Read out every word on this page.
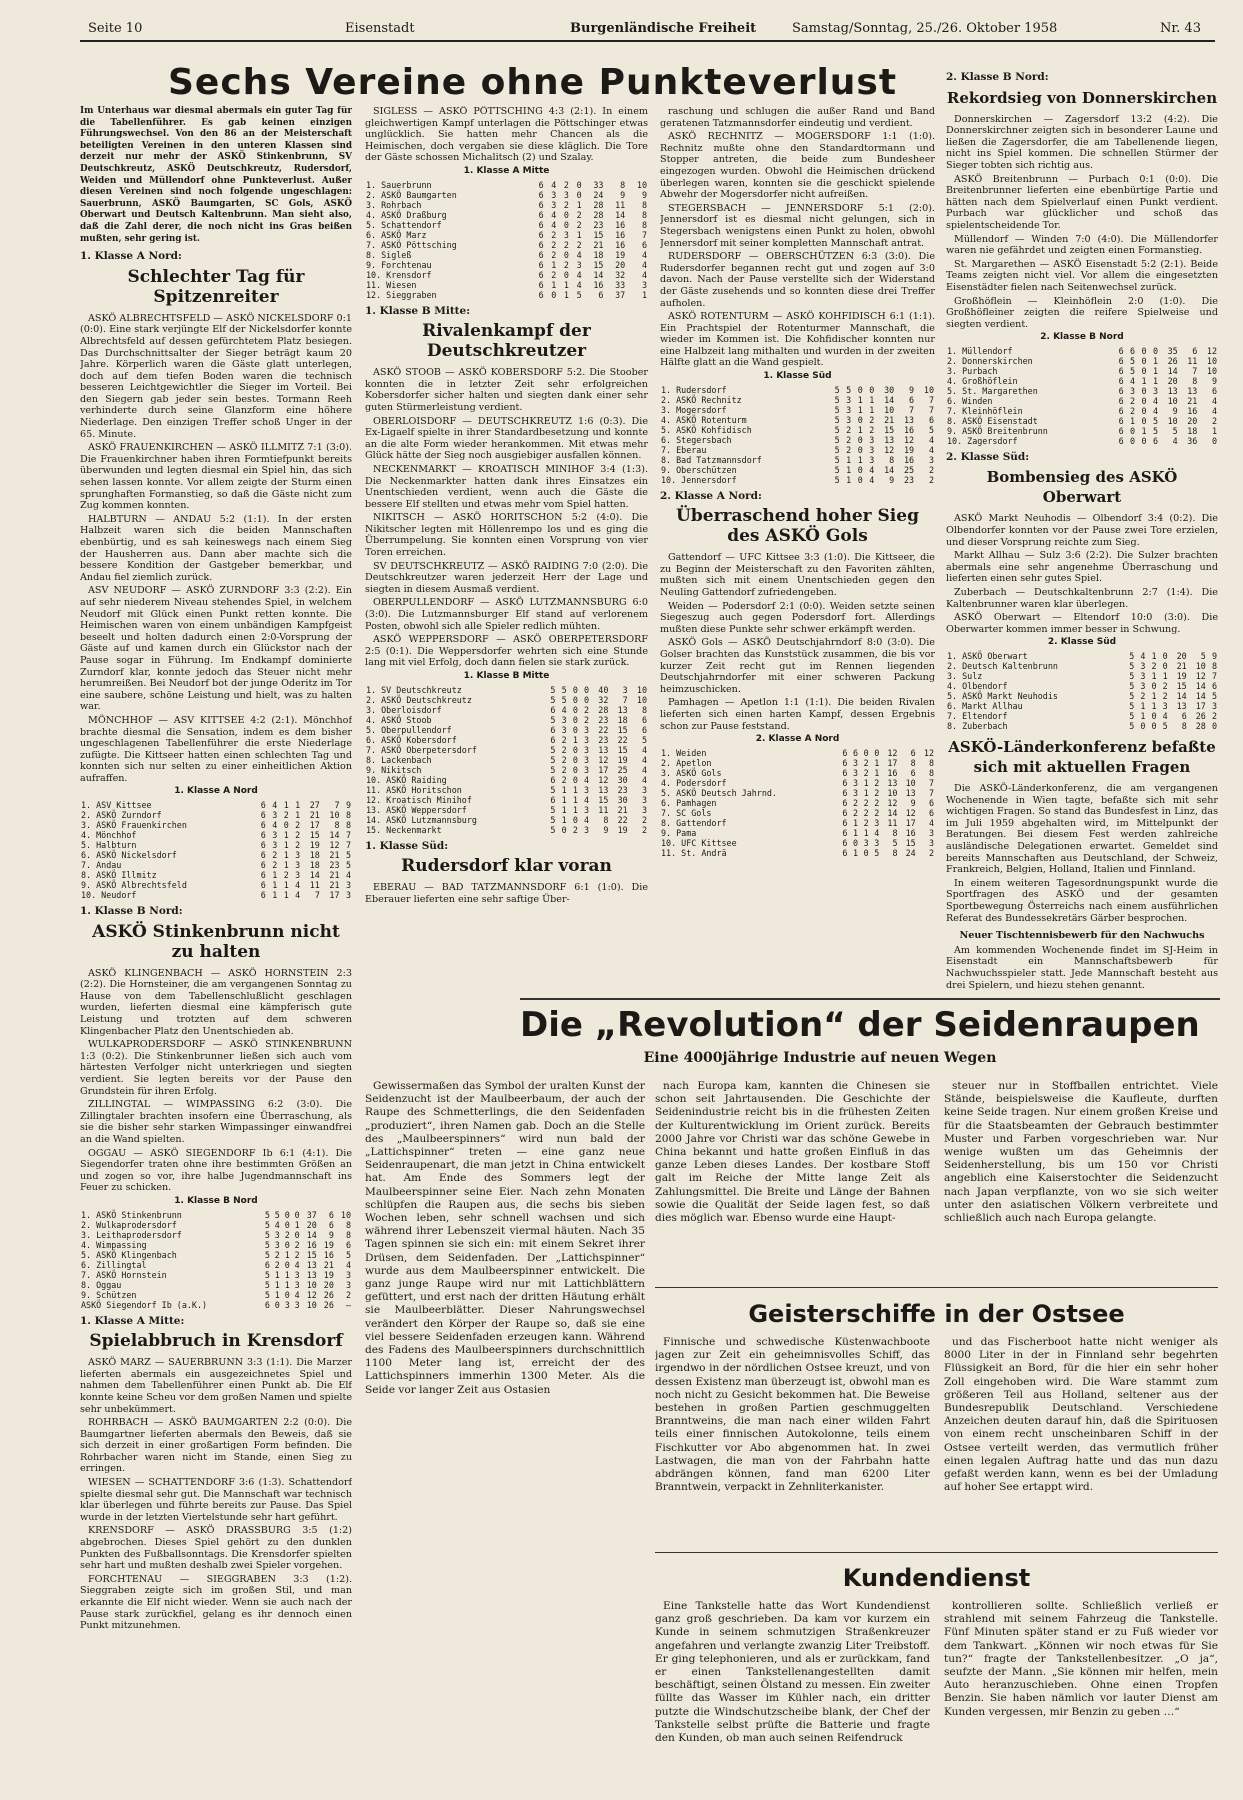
Seite 10	Eisenstadt	Burgenländische Freiheit	Samstag/Sonntag, 25./26. Oktober 1958	Nr. 43
Sechs Vereine ohne Punkteverlust

Im Unterhaus war diesmal abermals ein guter Tag für die Tabellenführer. Es gab keinen einzigen Führungswechsel. Von den 86 an der Meisterschaft beteiligten Vereinen in den unteren Klassen sind derzeit nur mehr der ASKÖ Stinkenbrunn, SV Deutschkreutz, ASKÖ Deutschkreutz, Rudersdorf, Weiden und Müllendorf ohne Punkteverlust. Außer diesen Vereinen sind noch folgende ungeschlagen: Sauerbrunn, ASKÖ Baumgarten, SC Gols, ASKÖ Oberwart und Deutsch Kaltenbrunn. Man sieht also, daß die Zahl derer, die noch nicht ins Gras beißen mußten, sehr gering ist.

1. Klasse A Nord:
Schlechter Tag für Spitzenreiter

ASKÖ ALBRECHTSFELD — ASKÖ NICKELSDORF 0:1 (0:0). Eine stark verjüngte Elf der Nickelsdorfer konnte Albrechtsfeld auf dessen gefürchtetem Platz besiegen. Das Durchschnittsalter der Sieger beträgt kaum 20 Jahre. Körperlich waren die Gäste glatt unterlegen, doch auf dem tiefen Boden waren die technisch besseren Leichtgewichtler die Sieger im Vorteil. Bei den Siegern gab jeder sein bestes. Tormann Reeh verhinderte durch seine Glanzform eine höhere Niederlage. Den einzigen Treffer schoß Unger in der 65. Minute.

ASKÖ FRAUENKIRCHEN — ASKÖ ILLMITZ 7:1 (3:0). Die Frauenkirchner haben ihren Formtiefpunkt bereits überwunden und legten diesmal ein Spiel hin, das sich sehen lassen konnte. Vor allem zeigte der Sturm einen sprunghaften Formanstieg, so daß die Gäste nicht zum Zug kommen konnten.

HALBTURN — ANDAU 5:2 (1:1). In der ersten Halbzeit waren sich die beiden Mannschaften ebenbürtig, und es sah keineswegs nach einem Sieg der Hausherren aus. Dann aber machte sich die bessere Kondition der Gastgeber bemerkbar, und Andau fiel ziemlich zurück.

ASV NEUDORF — ASKÖ ZURNDORF 3:3 (2:2). Ein auf sehr niederem Niveau stehendes Spiel, in welchem Neudorf mit Glück einen Punkt retten konnte. Die Heimischen waren von einem unbändigen Kampfgeist beseelt und holten dadurch einen 2:0-Vorsprung der Gäste auf und kamen durch ein Glückstor nach der Pause sogar in Führung. Im Endkampf dominierte Zurndorf klar, konnte jedoch das Steuer nicht mehr herumreißen. Bei Neudorf bot der junge Oderitz im Tor eine saubere, schöne Leistung und hielt, was zu halten war.

MÖNCHHOF — ASV KITTSEE 4:2 (2:1). Mönchhof brachte diesmal die Sensation, indem es dem bisher ungeschlagenen Tabellenführer die erste Niederlage zufügte. Die Kittseer hatten einen schlechten Tag und konnten sich nur selten zu einer einheitlichen Aktion aufraffen.

1. Klasse A Nord
1. ASV Kittsee	6	4	1	1	27	7	9
2. ASKÖ Zurndorf	6	3	2	1	21	10	8
3. ASKÖ Frauenkirchen	6	4	0	2	17	8	8
4. Mönchhof	6	3	1	2	15	14	7
5. Halbturn	6	3	1	2	19	12	7
6. ASKÖ Nickelsdorf	6	2	1	3	18	21	5
7. Andau	6	2	1	3	18	23	5
8. ASKÖ Illmitz	6	1	2	3	14	21	4
9. ASKÖ Albrechtsfeld	6	1	1	4	11	21	3
10. Neudorf	6	1	1	4	7	17	3
1. Klasse B Nord:
ASKÖ Stinkenbrunn nicht zu halten

ASKÖ KLINGENBACH — ASKÖ HORNSTEIN 2:3 (2:2). Die Hornsteiner, die am vergangenen Sonntag zu Hause von dem Tabellenschlußlicht geschlagen wurden, lieferten diesmal eine kämpferisch gute Leistung und trotzten auf dem schweren Klingenbacher Platz den Unentschieden ab.

WULKAPRODERSDORF — ASKÖ STINKENBRUNN 1:3 (0:2). Die Stinkenbrunner ließen sich auch vom härtesten Verfolger nicht unterkriegen und siegten verdient. Sie legten bereits vor der Pause den Grundstein für ihren Erfolg.

ZILLINGTAL — WIMPASSING 6:2 (3:0). Die Zillingtaler brachten insofern eine Überraschung, als sie die bisher sehr starken Wimpassinger einwandfrei an die Wand spielten.

OGGAU — ASKÖ SIEGENDORF Ib 6:1 (4:1). Die Siegendorfer traten ohne ihre bestimmten Größen an und zogen so vor, ihre halbe Jugendmannschaft ins Feuer zu schicken.

1. Klasse B Nord
1. ASKÖ Stinkenbrunn	5	5	0	0	37	6	10
2. Wulkaprodersdorf	5	4	0	1	20	6	8
3. Leithaprodersdorf	5	3	2	0	14	9	8
4. Wimpassing	5	3	0	2	16	19	6
5. ASKÖ Klingenbach	5	2	1	2	15	16	5
6. Zillingtal	6	2	0	4	13	21	4
7. ASKÖ Hornstein	5	1	1	3	13	19	3
8. Oggau	5	1	1	3	10	20	3
9. Schützen	5	1	0	4	12	26	2
ASKÖ Siegendorf Ib (a.K.)	6	0	3	3	10	26	—
1. Klasse A Mitte:
Spielabbruch in Krensdorf

ASKÖ MARZ — SAUERBRUNN 3:3 (1:1). Die Marzer lieferten abermals ein ausgezeichnetes Spiel und nahmen dem Tabellenführer einen Punkt ab. Die Elf konnte keine Scheu vor dem großen Namen und spielte sehr unbekümmert.

ROHRBACH — ASKÖ BAUMGARTEN 2:2 (0:0). Die Baumgartner lieferten abermals den Beweis, daß sie sich derzeit in einer großartigen Form befinden. Die Rohrbacher waren nicht im Stande, einen Sieg zu erringen.

WIESEN — SCHATTENDORF 3:6 (1:3). Schattendorf spielte diesmal sehr gut. Die Mannschaft war technisch klar überlegen und führte bereits zur Pause. Das Spiel wurde in der letzten Viertelstunde sehr hart geführt.

KRENSDORF — ASKÖ DRASSBURG 3:5 (1:2) abgebrochen. Dieses Spiel gehört zu den dunklen Punkten des Fußballsonntags. Die Krensdorfer spielten sehr hart und mußten deshalb zwei Spieler vorgehen.

FORCHTENAU — SIEGGRABEN 3:3 (1:2). Sieggraben zeigte sich im großen Stil, und man erkannte die Elf nicht wieder. Wenn sie auch nach der Pause stark zurückfiel, gelang es ihr dennoch einen Punkt mitzunehmen.

SIGLESS — ASKÖ PÖTTSCHING 4:3 (2:1). In einem gleichwertigen Kampf unterlagen die Pöttschinger etwas unglücklich. Sie hatten mehr Chancen als die Heimischen, doch vergaben sie diese kläglich. Die Tore der Gäste schossen Michalitsch (2) und Szalay.

1. Klasse A Mitte
1. Sauerbrunn	6	4	2	0	33	8	10
2. ASKÖ Baumgarten	6	3	3	0	24	9	9
3. Rohrbach	6	3	2	1	28	11	8
4. ASKÖ Draßburg	6	4	0	2	28	14	8
5. Schattendorf	6	4	0	2	23	16	8
6. ASKÖ Marz	6	2	3	1	15	16	7
7. ASKÖ Pöttsching	6	2	2	2	21	16	6
8. Sigleß	6	2	0	4	18	19	4
9. Forchtenau	6	1	2	3	15	20	4
10. Krensdorf	6	2	0	4	14	32	4
11. Wiesen	6	1	1	4	16	33	3
12. Sieggraben	6	0	1	5	6	37	1
1. Klasse B Mitte:
Rivalenkampf der Deutschkreutzer

ASKÖ STOOB — ASKÖ KOBERSDORF 5:2. Die Stoober konnten die in letzter Zeit sehr erfolgreichen Kobersdorfer sicher halten und siegten dank einer sehr guten Stürmerleistung verdient.

OBERLOISDORF — DEUTSCHKREUTZ 1:6 (0:3). Die Ex-Ligaelf spielte in ihrer Standardbesetzung und konnte an die alte Form wieder herankommen. Mit etwas mehr Glück hätte der Sieg noch ausgiebiger ausfallen können.

NECKENMARKT — KROATISCH MINIHOF 3:4 (1:3). Die Neckenmarkter hatten dank ihres Einsatzes ein Unentschieden verdient, wenn auch die Gäste die bessere Elf stellten und etwas mehr vom Spiel hatten.

NIKITSCH — ASKÖ HORITSCHON 5:2 (4:0). Die Nikitscher legten mit Höllenrempo los und es ging die Überrumpelung. Sie konnten einen Vorsprung von vier Toren erreichen.

SV DEUTSCHKREUTZ — ASKÖ RAIDING 7:0 (2:0). Die Deutschkreutzer waren jederzeit Herr der Lage und siegten in diesem Ausmaß verdient.

OBERPULLENDORF — ASKÖ LUTZMANNSBURG 6:0 (3:0). Die Lutzmannsburger Elf stand auf verlorenem Posten, obwohl sich alle Spieler redlich mühten.

ASKÖ WEPPERSDORF — ASKÖ OBERPETERSDORF 2:5 (0:1). Die Weppersdorfer wehrten sich eine Stunde lang mit viel Erfolg, doch dann fielen sie stark zurück.

1. Klasse B Mitte
1. SV Deutschkreutz	5	5	0	0	40	3	10
2. ASKÖ Deutschkreutz	5	5	0	0	32	7	10
3. Oberloisdorf	6	4	0	2	28	13	8
4. ASKÖ Stoob	5	3	0	2	23	18	6
5. Oberpullendorf	6	3	0	3	22	15	6
6. ASKÖ Kobersdorf	6	2	1	3	23	22	5
7. ASKÖ Oberpetersdorf	5	2	0	3	13	15	4
8. Lackenbach	5	2	0	3	12	19	4
9. Nikitsch	5	2	0	3	17	25	4
10. ASKÖ Raiding	6	2	0	4	12	30	4
11. ASKÖ Horitschon	5	1	1	3	13	23	3
12. Kroatisch Minihof	6	1	1	4	15	30	3
13. ASKÖ Weppersdorf	5	1	1	3	11	21	3
14. ASKÖ Lutzmannsburg	5	1	0	4	8	22	2
15. Neckenmarkt	5	0	2	3	9	19	2
1. Klasse Süd:
Rudersdorf klar voran

EBERAU — BAD TATZMANNSDORF 6:1 (1:0). Die Eberauer lieferten eine sehr saftige Über-

raschung und schlugen die außer Rand und Band geratenen Tatzmannsdorfer eindeutig und verdient.

ASKÖ RECHNITZ — MOGERSDORF 1:1 (1:0). Rechnitz mußte ohne den Standardtormann und Stopper antreten, die beide zum Bundesheer eingezogen wurden. Obwohl die Heimischen drückend überlegen waren, konnten sie die geschickt spielende Abwehr der Mogersdorfer nicht aufreißen.

STEGERSBACH — JENNERSDORF 5:1 (2:0). Jennersdorf ist es diesmal nicht gelungen, sich in Stegersbach wenigstens einen Punkt zu holen, obwohl Jennersdorf mit seiner kompletten Mannschaft antrat.

RUDERSDORF — OBERSCHÜTZEN 6:3 (3:0). Die Rudersdorfer begannen recht gut und zogen auf 3:0 davon. Nach der Pause verstellte sich der Widerstand der Gäste zusehends und so konnten diese drei Treffer aufholen.

ASKÖ ROTENTURM — ASKÖ KOHFIDISCH 6:1 (1:1). Ein Prachtspiel der Rotenturmer Mannschaft, die wieder im Kommen ist. Die Kohfidischer konnten nur eine Halbzeit lang mithalten und wurden in der zweiten Hälfte glatt an die Wand gespielt.

1. Klasse Süd
1. Rudersdorf	5	5	0	0	30	9	10
2. ASKÖ Rechnitz	5	3	1	1	14	6	7
3. Mogersdorf	5	3	1	1	10	7	7
4. ASKÖ Rotenturm	5	3	0	2	21	13	6
5. ASKÖ Kohfidisch	5	2	1	2	15	16	5
6. Stegersbach	5	2	0	3	13	12	4
7. Eberau	5	2	0	3	12	19	4
8. Bad Tatzmannsdorf	5	1	1	3	8	16	3
9. Oberschützen	5	1	0	4	14	25	2
10. Jennersdorf	5	1	0	4	9	23	2
2. Klasse A Nord:
Überraschend hoher Sieg des ASKÖ Gols

Gattendorf — UFC Kittsee 3:3 (1:0). Die Kittseer, die zu Beginn der Meisterschaft zu den Favoriten zählten, mußten sich mit einem Unentschieden gegen den Neuling Gattendorf zufriedengeben.

Weiden — Podersdorf 2:1 (0:0). Weiden setzte seinen Siegeszug auch gegen Podersdorf fort. Allerdings mußten diese Punkte sehr schwer erkämpft werden.

ASKÖ Gols — ASKÖ Deutschjahrndorf 8:0 (3:0). Die Golser brachten das Kunststück zusammen, die bis vor kurzer Zeit recht gut im Rennen liegenden Deutschjahrndorfer mit einer schweren Packung heimzuschicken.

Pamhagen — Apetlon 1:1 (1:1). Die beiden Rivalen lieferten sich einen harten Kampf, dessen Ergebnis schon zur Pause feststand.

2. Klasse A Nord
1. Weiden	6	6	0	0	12	6	12
2. Apetlon	6	3	2	1	17	8	8
3. ASKÖ Gols	6	3	2	1	16	6	8
4. Podersdorf	6	3	1	2	13	10	7
5. ASKÖ Deutsch Jahrnd.	6	3	1	2	10	13	7
6. Pamhagen	6	2	2	2	12	9	6
7. SC Gols	6	2	2	2	14	12	6
8. Gattendorf	6	1	2	3	11	17	4
9. Pama	6	1	1	4	8	16	3
10. UFC Kittsee	6	0	3	3	5	15	3
11. St. Andrä	6	1	0	5	8	24	2
2. Klasse B Nord:
Rekordsieg von Donnerskirchen

Donnerskirchen — Zagersdorf 13:2 (4:2). Die Donnerskirchner zeigten sich in besonderer Laune und ließen die Zagersdorfer, die am Tabellenende liegen, nicht ins Spiel kommen. Die schnellen Stürmer der Sieger tobten sich richtig aus.

ASKÖ Breitenbrunn — Purbach 0:1 (0:0). Die Breitenbrunner lieferten eine ebenbürtige Partie und hätten nach dem Spielverlauf einen Punkt verdient. Purbach war glücklicher und schoß das spielentscheidende Tor.

Müllendorf — Winden 7:0 (4:0). Die Müllendorfer waren nie gefährdet und zeigten einen Formanstieg.

St. Margarethen — ASKÖ Eisenstadt 5:2 (2:1). Beide Teams zeigten nicht viel. Vor allem die eingesetzten Eisenstädter fielen nach Seitenwechsel zurück.

Großhöflein — Kleinhöflein 2:0 (1:0). Die Großhöfleiner zeigten die reifere Spielweise und siegten verdient.

2. Klasse B Nord
1. Müllendorf	6	6	0	0	35	6	12
2. Donnerskirchen	6	5	0	1	26	11	10
3. Purbach	6	5	0	1	14	7	10
4. Großhöflein	6	4	1	1	20	8	9
5. St. Margarethen	6	3	0	3	13	13	6
6. Winden	6	2	0	4	10	21	4
7. Kleinhöflein	6	2	0	4	9	16	4
8. ASKÖ Eisenstadt	6	1	0	5	10	20	2
9. ASKÖ Breitenbrunn	6	0	1	5	5	18	1
10. Zagersdorf	6	0	0	6	4	36	0
2. Klasse Süd:
Bombensieg des ASKÖ Oberwart

ASKÖ Markt Neuhodis — Olbendorf 3:4 (0:2). Die Olbendorfer konnten vor der Pause zwei Tore erzielen, und dieser Vorsprung reichte zum Sieg.

Markt Allhau — Sulz 3:6 (2:2). Die Sulzer brachten abermals eine sehr angenehme Überraschung und lieferten einen sehr gutes Spiel.

Zuberbach — Deutschkaltenbrunn 2:7 (1:4). Die Kaltenbrunner waren klar überlegen.

ASKÖ Oberwart — Eltendorf 10:0 (3:0). Die Oberwarter kommen immer besser in Schwung.

2. Klasse Süd
1. ASKÖ Oberwart	5	4	1	0	20	5	9
2. Deutsch Kaltenbrunn	5	3	2	0	21	10	8
3. Sulz	5	3	1	1	19	12	7
4. Olbendorf	5	3	0	2	15	14	6
5. ASKÖ Markt Neuhodis	5	2	1	2	14	14	5
6. Markt Allhau	5	1	1	3	13	17	3
7. Eltendorf	5	1	0	4	6	26	2
8. Zuberbach	5	0	0	5	8	28	0
ASKÖ-Länderkonferenz befaßte sich mit aktuellen Fragen

Die ASKÖ-Länderkonferenz, die am vergangenen Wochenende in Wien tagte, befaßte sich mit sehr wichtigen Fragen. So stand das Bundesfest in Linz, das im Juli 1959 abgehalten wird, im Mittelpunkt der Beratungen. Bei diesem Fest werden zahlreiche ausländische Delegationen erwartet. Gemeldet sind bereits Mannschaften aus Deutschland, der Schweiz, Frankreich, Belgien, Holland, Italien und Finnland.

In einem weiteren Tagesordnungspunkt wurde die Sportfragen des ASKÖ und der gesamten Sportbewegung Österreichs nach einem ausführlichen Referat des Bundessekretärs Gärber besprochen.

Neuer Tischtennisbewerb für den Nachwuchs

Am kommenden Wochenende findet im SJ-Heim in Eisenstadt ein Mannschaftsbewerb für Nachwuchsspieler statt. Jede Mannschaft besteht aus drei Spielern, und hiezu stehen genannt.

Die „Revolution“ der Seidenraupen
Eine 4000jährige Industrie auf neuen Wegen

Gewissermaßen das Symbol der uralten Kunst der Seidenzucht ist der Maulbeerbaum, der auch der Raupe des Schmetterlings, die den Seidenfaden „produziert“, ihren Namen gab. Doch an die Stelle des „Maulbeerspinners“ wird nun bald der „Lattichspinner“ treten — eine ganz neue Seidenraupenart, die man jetzt in China entwickelt hat. Am Ende des Sommers legt der Maulbeerspinner seine Eier. Nach zehn Monaten schlüpfen die Raupen aus, die sechs bis sieben Wochen leben, sehr schnell wachsen und sich während ihrer Lebenszeit viermal häuten. Nach 35 Tagen spinnen sie sich ein: mit einem Sekret ihrer Drüsen, dem Seidenfaden. Der „Lattichspinner“ wurde aus dem Maulbeerspinner entwickelt. Die ganz junge Raupe wird nur mit Lattichblättern gefüttert, und erst nach der dritten Häutung erhält sie Maulbeerblätter. Dieser Nahrungswechsel verändert den Körper der Raupe so, daß sie eine viel bessere Seidenfaden erzeugen kann. Während des Fadens des Maulbeerspinners durchschnittlich 1100 Meter lang ist, erreicht der des Lattichspinners immerhin 1300 Meter. Als die Seide vor langer Zeit aus Ostasien

nach Europa kam, kannten die Chinesen sie schon seit Jahrtausenden. Die Geschichte der Seidenindustrie reicht bis in die frühesten Zeiten der Kulturentwicklung im Orient zurück. Bereits 2000 Jahre vor Christi war das schöne Gewebe in China bekannt und hatte großen Einfluß in das ganze Leben dieses Landes. Der kostbare Stoff galt im Reiche der Mitte lange Zeit als Zahlungsmittel. Die Breite und Länge der Bahnen sowie die Qualität der Seide lagen fest, so daß dies möglich war. Ebenso wurde eine Haupt-

steuer nur in Stoffballen entrichtet. Viele Stände, beispielsweise die Kaufleute, durften keine Seide tragen. Nur einem großen Kreise und für die Staatsbeamten der Gebrauch bestimmter Muster und Farben vorgeschrieben war. Nur wenige wußten um das Geheimnis der Seidenherstellung, bis um 150 vor Christi angeblich eine Kaiserstochter die Seidenzucht nach Japan verpflanzte, von wo sie sich weiter unter den asiatischen Völkern verbreitete und schließlich auch nach Europa gelangte.

Geisterschiffe in der Ostsee

Finnische und schwedische Küstenwachboote jagen zur Zeit ein geheimnisvolles Schiff, das irgendwo in der nördlichen Ostsee kreuzt, und von dessen Existenz man überzeugt ist, obwohl man es noch nicht zu Gesicht bekommen hat. Die Beweise bestehen in großen Partien geschmuggelten Branntweins, die man nach einer wilden Fahrt teils einer finnischen Autokolonne, teils einem Fischkutter vor Abo abgenommen hat. In zwei Lastwagen, die man von der Fahrbahn hatte abdrängen können, fand man 6200 Liter Branntwein, verpackt in Zehnliterkanister.

und das Fischerboot hatte nicht weniger als 8000 Liter in der in Finnland sehr begehrten Flüssigkeit an Bord, für die hier ein sehr hoher Zoll eingehoben wird. Die Ware stammt zum größeren Teil aus Holland, seltener aus der Bundesrepublik Deutschland. Verschiedene Anzeichen deuten darauf hin, daß die Spirituosen von einem recht unscheinbaren Schiff in der Ostsee verteilt werden, das vermutlich früher einen legalen Auftrag hatte und das nun dazu gefaßt werden kann, wenn es bei der Umladung auf hoher See ertappt wird.

Kundendienst

Eine Tankstelle hatte das Wort Kundendienst ganz groß geschrieben. Da kam vor kurzem ein Kunde in seinem schmutzigen Straßenkreuzer angefahren und verlangte zwanzig Liter Treibstoff. Er ging telephonieren, und als er zurückkam, fand er einen Tankstellenangestellten damit beschäftigt, seinen Ölstand zu messen. Ein zweiter füllte das Wasser im Kühler nach, ein dritter putzte die Windschutzscheibe blank, der Chef der Tankstelle selbst prüfte die Batterie und fragte den Kunden, ob man auch seinen Reifendruck

kontrollieren sollte. Schließlich verließ er strahlend mit seinem Fahrzeug die Tankstelle. Fünf Minuten später stand er zu Fuß wieder vor dem Tankwart. „Können wir noch etwas für Sie tun?“ fragte der Tankstellenbesitzer. „O ja“, seufzte der Mann. „Sie können mir helfen, mein Auto heranzuschieben. Ohne einen Tropfen Benzin. Sie haben nämlich vor lauter Dienst am Kunden vergessen, mir Benzin zu geben …“
